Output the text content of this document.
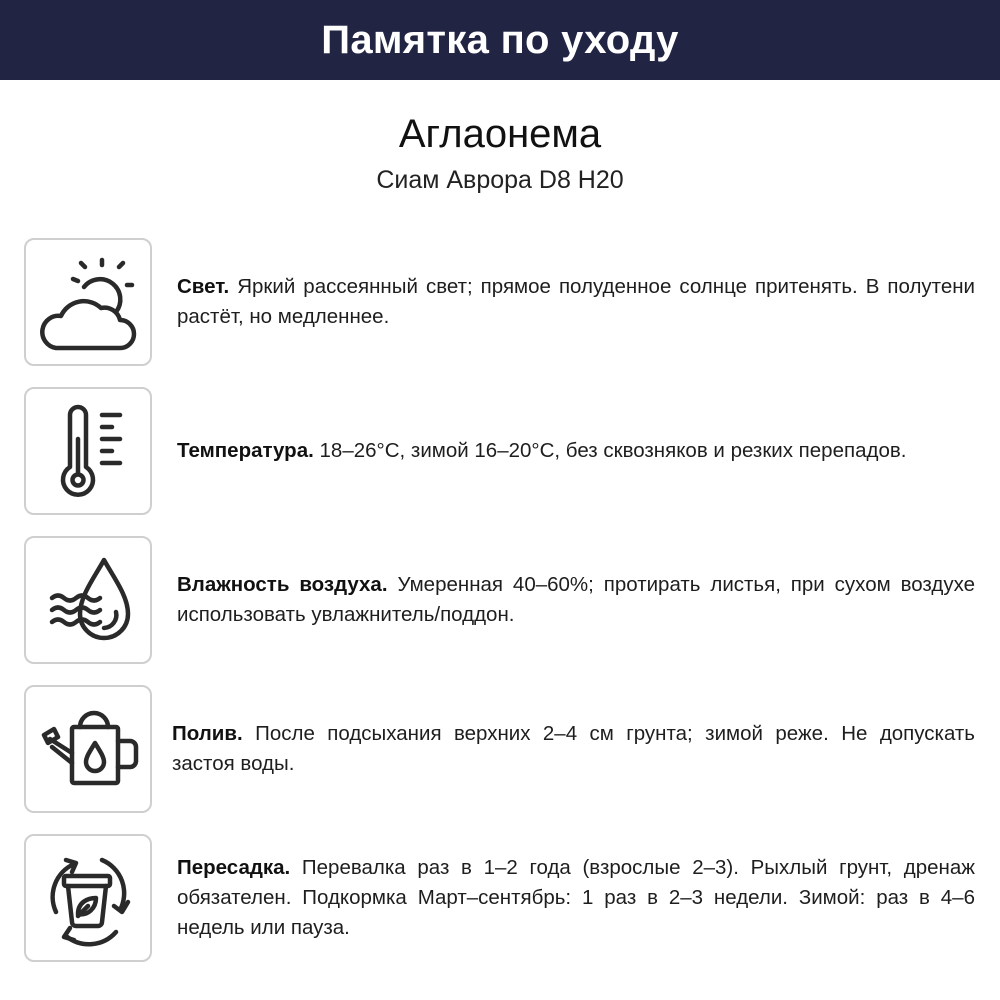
Памятка по уходу
Аглаонема
Сиам Аврора D8 H20
Свет. Яркий рассеянный свет; прямое полуденное солнце притенять. В полутени растёт, но медленнее.
Температура. 18–26°C, зимой 16–20°C, без сквозняков и резких перепадов.
Влажность воздуха. Умеренная 40–60%; протирать листья, при сухом воздухе использовать увлажнитель/поддон.
Полив. После подсыхания верхних 2–4 см грунта; зимой реже. Не допускать застоя воды.
Пересадка. Перевалка раз в 1–2 года (взрослые 2–3). Рыхлый грунт, дренаж обязателен. Подкормка Март–сентябрь: 1 раз в 2–3 недели. Зимой: раз в 4–6 недель или пауза.
